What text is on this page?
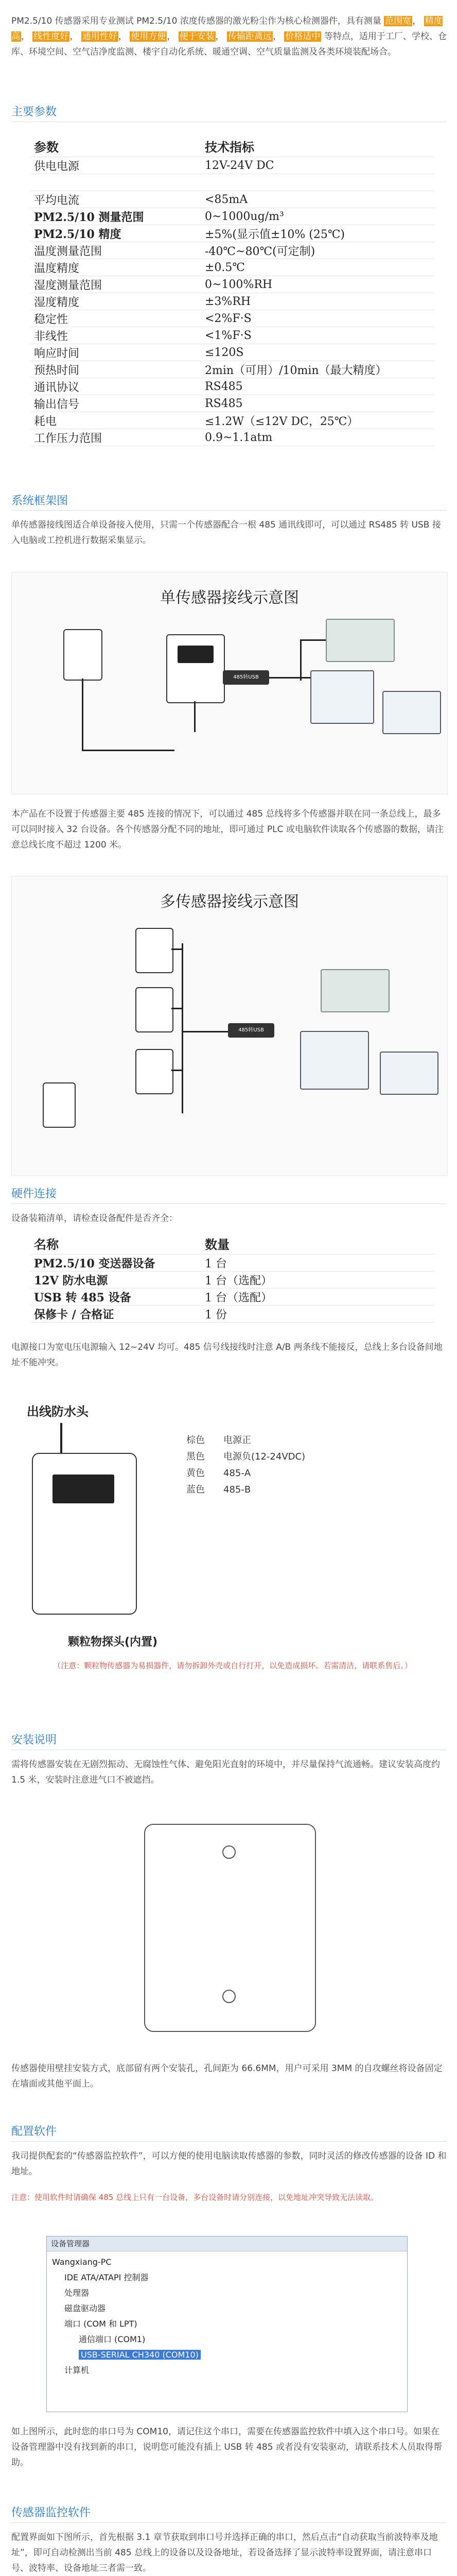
PM2.5/10 传感器采用专业测试 PM2.5/10 浓度传感器的激光粉尘作为核心检测器件，具有测量 范围宽 ， 精度高 ， 线性度好 ， 通用性好 ， 使用方便 ， 便于安装 ， 传输距离远 ， 价格适中 等特点，适用于工厂、学校、仓库、环境空间、空气洁净度监测、楼宇自动化系统、暖通空调、空气质量监测及各类环境装配场合。

主要参数
参数	技术指标
供电电源	12V-24V DC

平均电流	<85mA
PM2.5/10 测量范围	0~1000ug/m³
PM2.5/10 精度	±5%(显示值±10% (25℃)
温度测量范围	-40℃~80℃(可定制)
温度精度	±0.5℃
湿度测量范围	0~100%RH
湿度精度	±3%RH
稳定性	<2%F·S
非线性	<1%F·S
响应时间	≤120S
预热时间	2min（可用）/10min（最大精度）
通讯协议	RS485
输出信号	RS485
耗电	≤1.2W（≤12V DC，25℃）
工作压力范围	0.9~1.1atm
系统框架图

单传感器接线图适合单设备接入使用，只需一个传感器配合一根 485 通讯线即可，可以通过 RS485 转 USB 接入电脑或工控机进行数据采集显示。

单传感器接线示意图
485转USB

本产品在不设置于传感器主要 485 连接的情况下，可以通过 485 总线将多个传感器并联在同一条总线上，最多可以同时接入 32 台设备。各个传感器分配不同的地址，即可通过 PLC 或电脑软件读取各个传感器的数据，请注意总线长度不超过 1200 米。

多传感器接线示意图
485转USB
硬件连接

设备装箱清单，请检查设备配件是否齐全：

名称	数量
PM2.5/10 变送器设备	1 台
12V 防水电源	1 台（选配）
USB 转 485 设备	1 台（选配）
保修卡 / 合格证	1 份

电源接口为宽电压电源输入 12~24V 均可。485 信号线接线时注意 A/B 两条线不能接反，总线上多台设备间地址不能冲突。

出线防水头
棕色　　 电源正
黑色　　 电源负(12-24VDC)
黄色　　 485-A
蓝色　　 485-B
颗粒物探头(内置)
（注意：颗粒物传感器为易损器件，请勿拆卸外壳或自行打开，以免造成损坏。若需清洁，请联系售后。）
安装说明

需将传感器安装在无剧烈振动、无腐蚀性气体、避免阳光直射的环境中，并尽量保持气流通畅。建议安装高度约 1.5 米，安装时注意进气口不被遮挡。

传感器使用壁挂安装方式，底部留有两个安装孔，孔间距为 66.6MM，用户可采用 3MM 的自攻螺丝将设备固定在墙面或其他平面上。

配置软件

我司提供配套的“传感器监控软件”，可以方便的使用电脑读取传感器的参数，同时灵活的修改传感器的设备 ID 和地址。

注意：使用软件时请确保 485 总线上只有一台设备，多台设备时请分别连接，以免地址冲突导致无法读取。

设备管理器
Wangxiang-PC
IDE ATA/ATAPI 控制器
处理器
磁盘驱动器
端口 (COM 和 LPT)
通信端口 (COM1)
USB-SERIAL CH340 (COM10)
计算机

如上图所示，此时您的串口号为 COM10，请记住这个串口，需要在传感器监控软件中填入这个串口号。如果在设备管理器中没有找到新的串口，说明您可能没有插上 USB 转 485 或者没有安装驱动，请联系技术人员取得帮助。

传感器监控软件

配置界面如下图所示，首先根据 3.1 章节获取到串口号并选择正确的串口，然后点击“自动获取当前波特率及地址”，即可自动检测出当前 485 总线上的设备以及设备地址，若设备选择了显示波特率设置界面，请注意串口号、波特率、设备地址三者需一致。
